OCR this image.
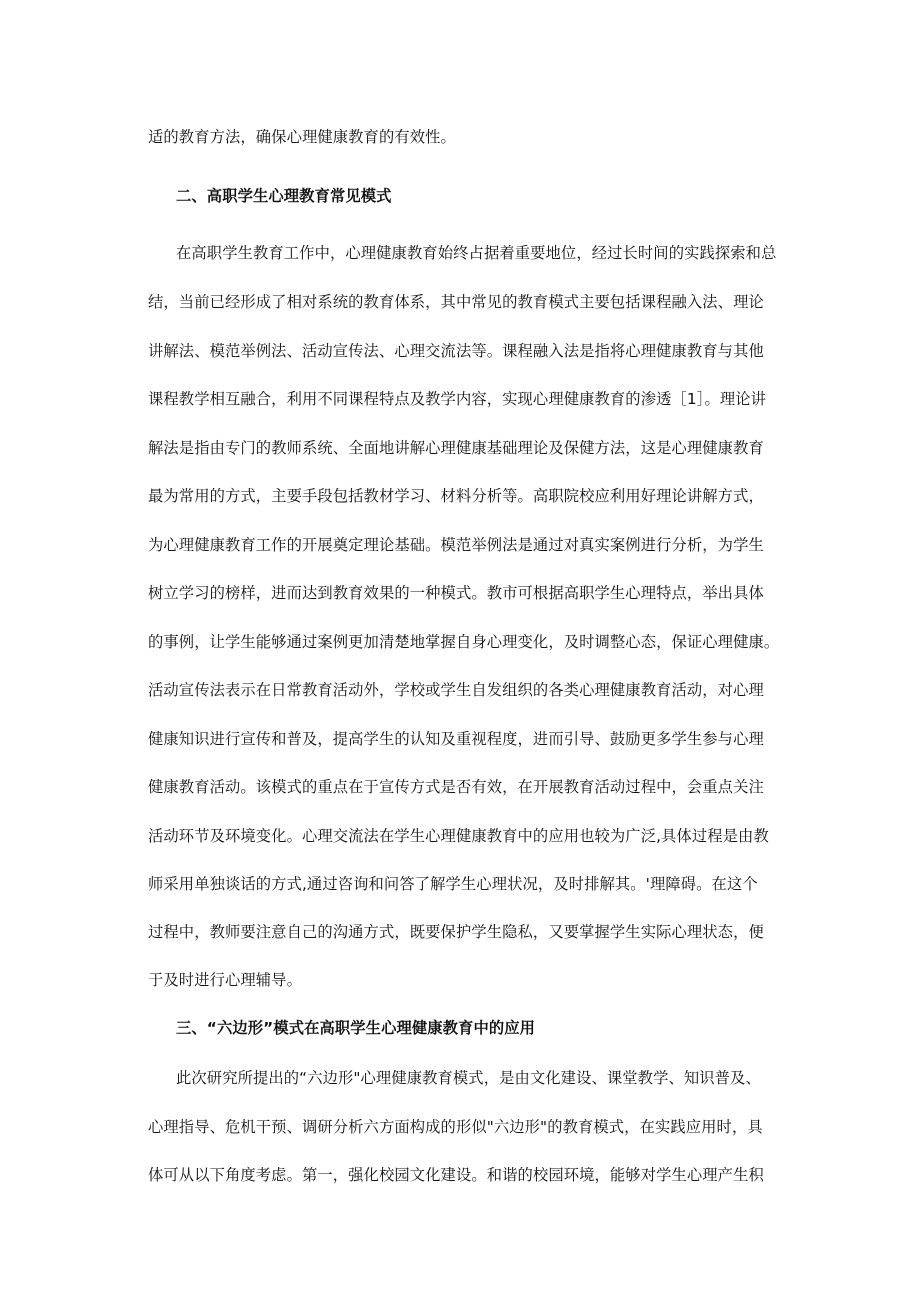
适的教育方法，确保心理健康教育的有效性。
二、高职学生心理教育常见模式
在高职学生教育工作中，心理健康教育始终占据着重要地位，经过长时间的实践探索和总
结，当前已经形成了相对系统的教育体系，其中常见的教育模式主要包括课程融入法、理论
讲解法、模范举例法、活动宣传法、心理交流法等。课程融入法是指将心理健康教育与其他
课程教学相互融合，利用不同课程特点及教学内容，实现心理健康教育的渗透［1］。理论讲
解法是指由专门的教师系统、全面地讲解心理健康基础理论及保健方法，这是心理健康教育
最为常用的方式，主要手段包括教材学习、材料分析等。高职院校应利用好理论讲解方式，
为心理健康教育工作的开展奠定理论基础。模范举例法是通过对真实案例进行分析，为学生
树立学习的榜样，进而达到教育效果的一种模式。教市可根据高职学生心理特点，举出具体
的事例，让学生能够通过案例更加清楚地掌握自身心理变化，及时调整心态，保证心理健康。
活动宣传法表示在日常教育活动外，学校或学生自发组织的各类心理健康教育活动，对心理
健康知识进行宣传和普及，提高学生的认知及重视程度，进而引导、鼓励更多学生参与心理
健康教育活动。该模式的重点在于宣传方式是否有效，在开展教育活动过程中，会重点关注
活动环节及环境变化。心理交流法在学生心理健康教育中的应用也较为广泛,具体过程是由教
师采用单独谈话的方式,通过咨询和问答了解学生心理状况，及时排解其。'理障碍。在这个
过程中，教师要注意自己的沟通方式，既要保护学生隐私，又要掌握学生实际心理状态，便
于及时进行心理辅导。
三、“六边形”模式在高职学生心理健康教育中的应用
此次研究所提出的“六边形"心理健康教育模式，是由文化建设、课堂教学、知识普及、
心理指导、危机干预、调研分析六方面构成的形似"六边形"的教育模式，在实践应用时，具
体可从以下角度考虑。第一，强化校园文化建设。和谐的校园环境，能够对学生心理产生积
